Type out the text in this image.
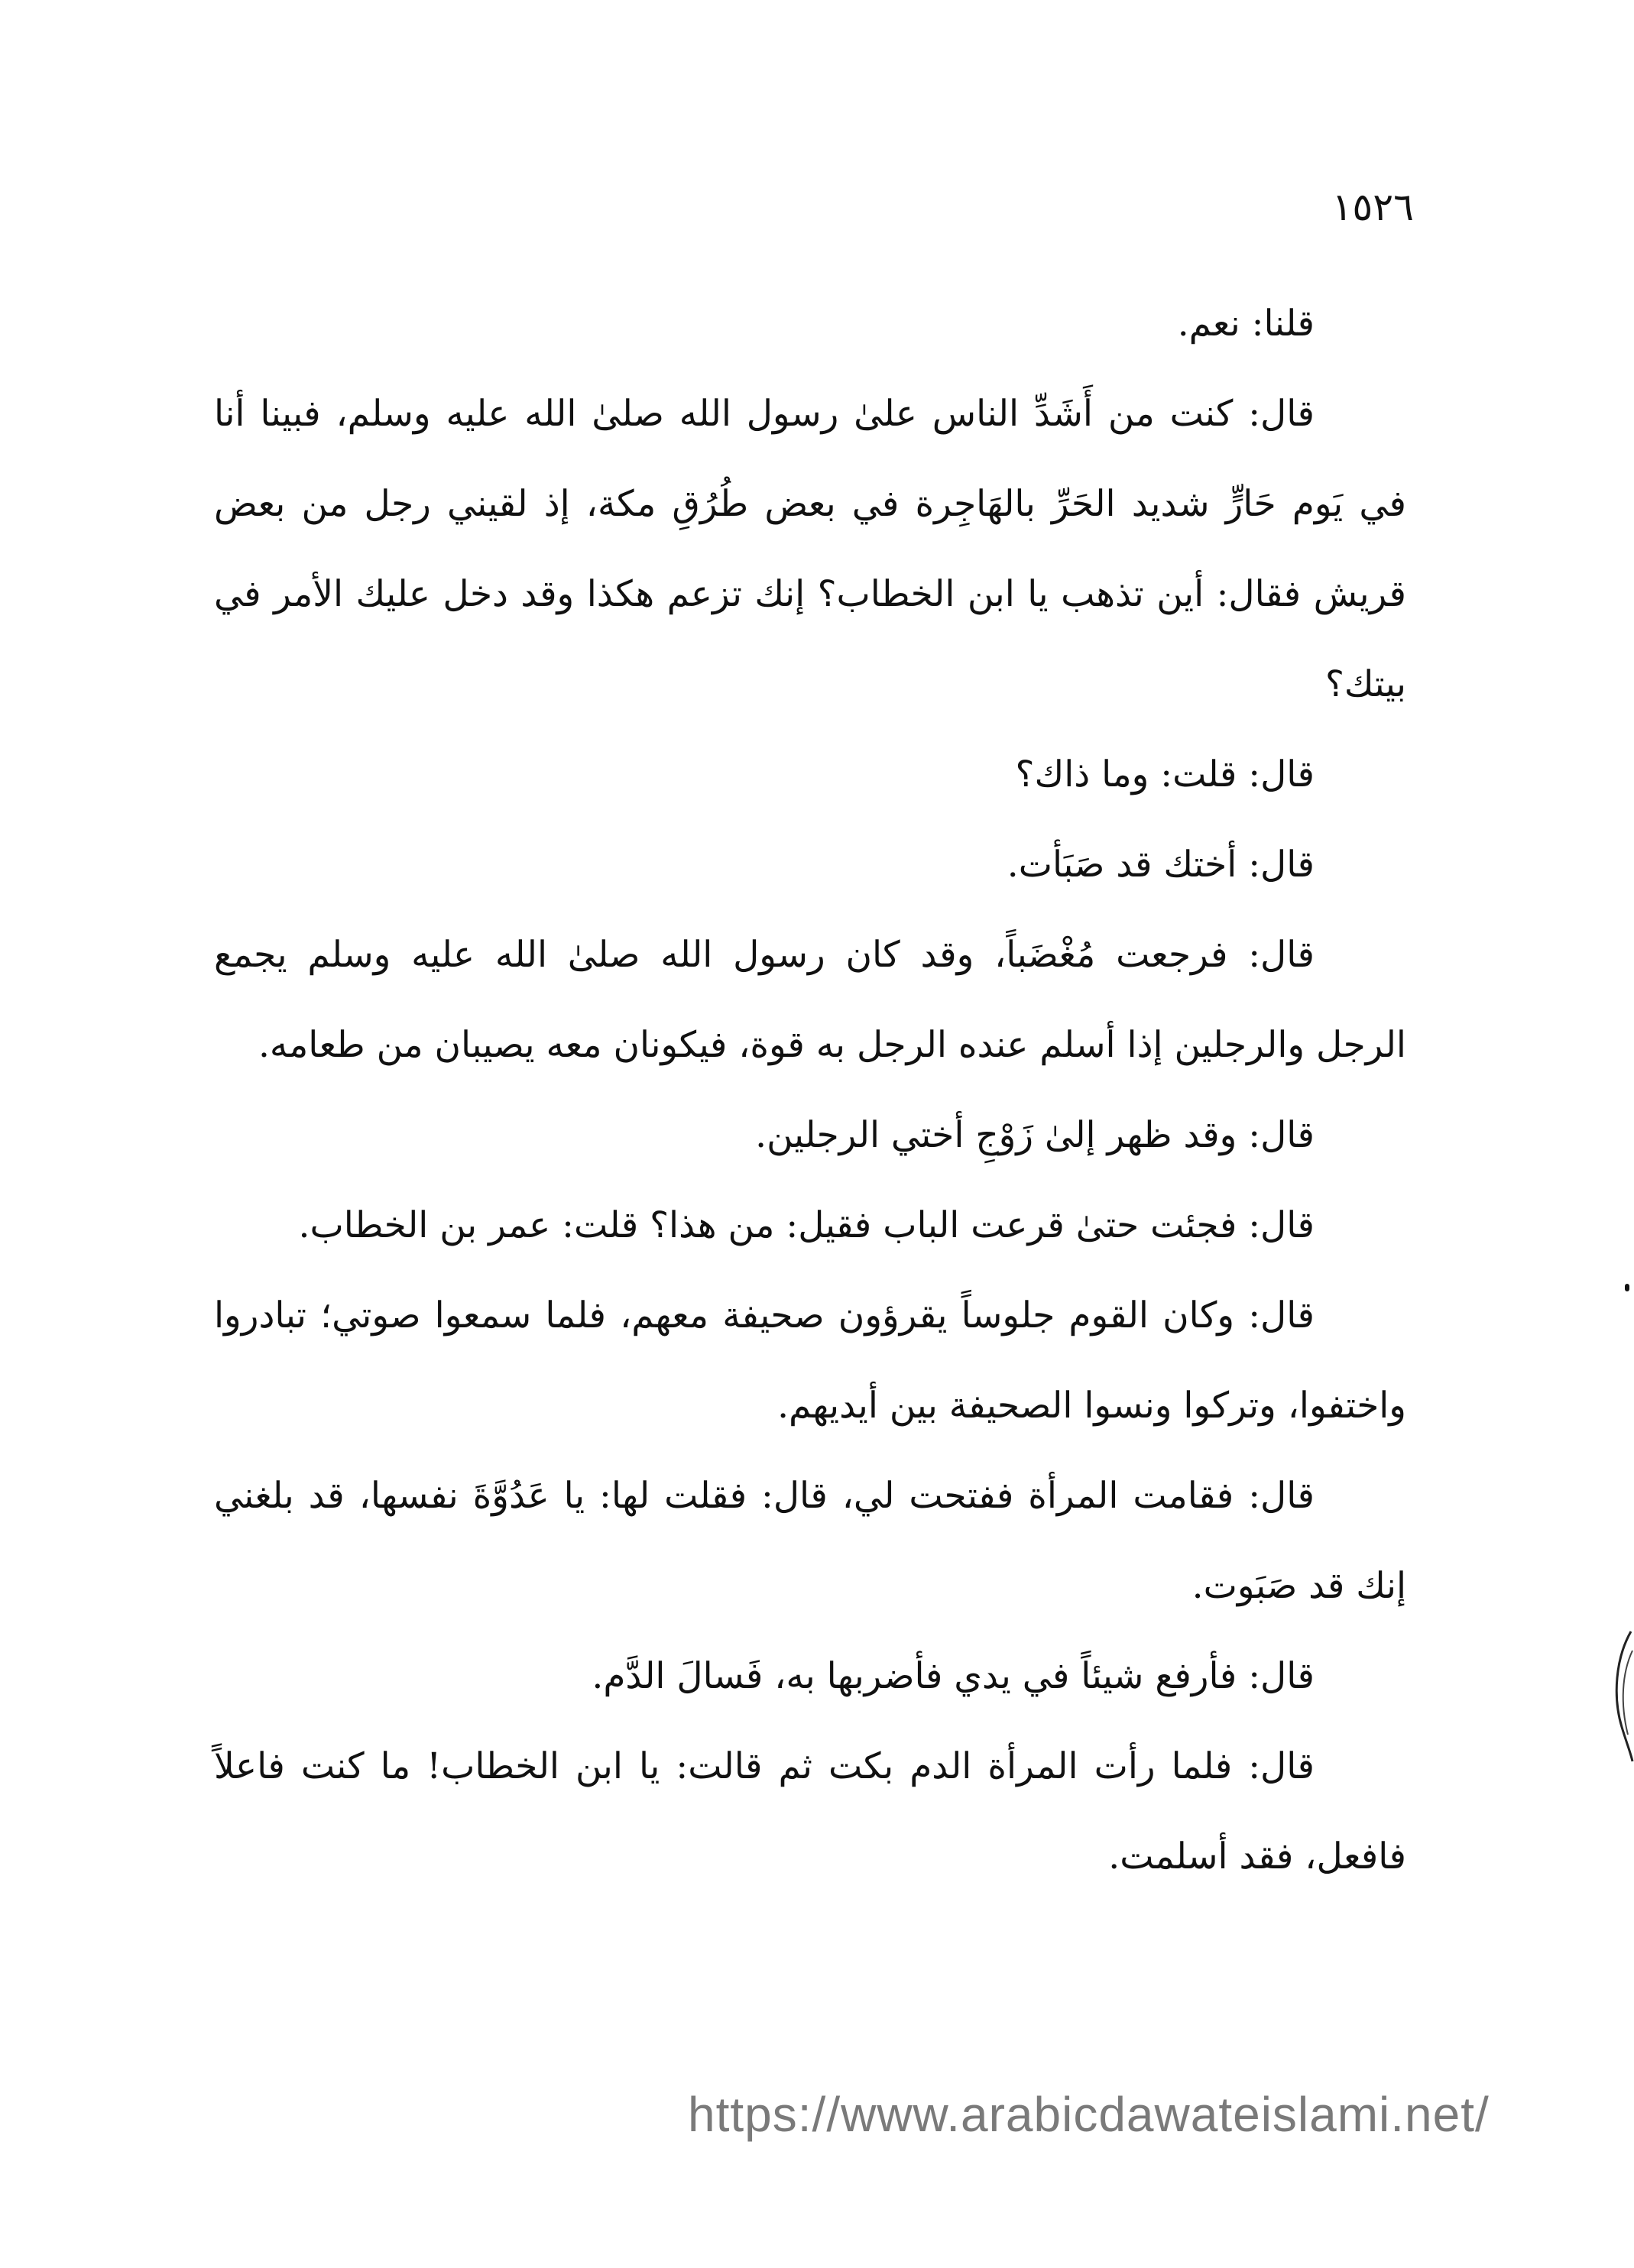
١٥٢٦

قلنا: نعم.

قال: كنت من أَشَدِّ الناس علىٰ رسول الله صلىٰ الله عليه وسلم، فبينا أنا في يَوم حَارٍّ شديد الحَرِّ بالهَاجِرة في بعض طُرُقِ مكة، إذ لقيني رجل من بعض قريش فقال: أين تذهب يا ابن الخطاب؟ إنك تزعم هكذا وقد دخل عليك الأمر في بيتك؟

قال: قلت: وما ذاك؟

قال: أختك قد صَبَأت.

قال: فرجعت مُغْضَباً، وقد كان رسول الله صلىٰ الله عليه وسلم يجمع الرجل والرجلين إذا أسلم عنده الرجل به قوة، فيكونان معه يصيبان من طعامه.

قال: وقد ظهر إلىٰ زَوْجِ أختي الرجلين.

قال: فجئت حتىٰ قرعت الباب فقيل: من هذا؟ قلت: عمر بن الخطاب.

قال: وكان القوم جلوساً يقرؤون صحيفة معهم، فلما سمعوا صوتي؛ تبادروا واختفوا، وتركوا ونسوا الصحيفة بين أيديهم.

قال: فقامت المرأة ففتحت لي، قال: فقلت لها: يا عَدُوَّةَ نفسها، قد بلغني إنك قد صَبَوت.

قال: فأرفع شيئاً في يدي فأضربها به، فَسالَ الدَّم.

قال: فلما رأت المرأة الدم بكت ثم قالت: يا ابن الخطاب! ما كنت فاعلاً فافعل، فقد أسلمت.

https://www.arabicdawateislami.net/
